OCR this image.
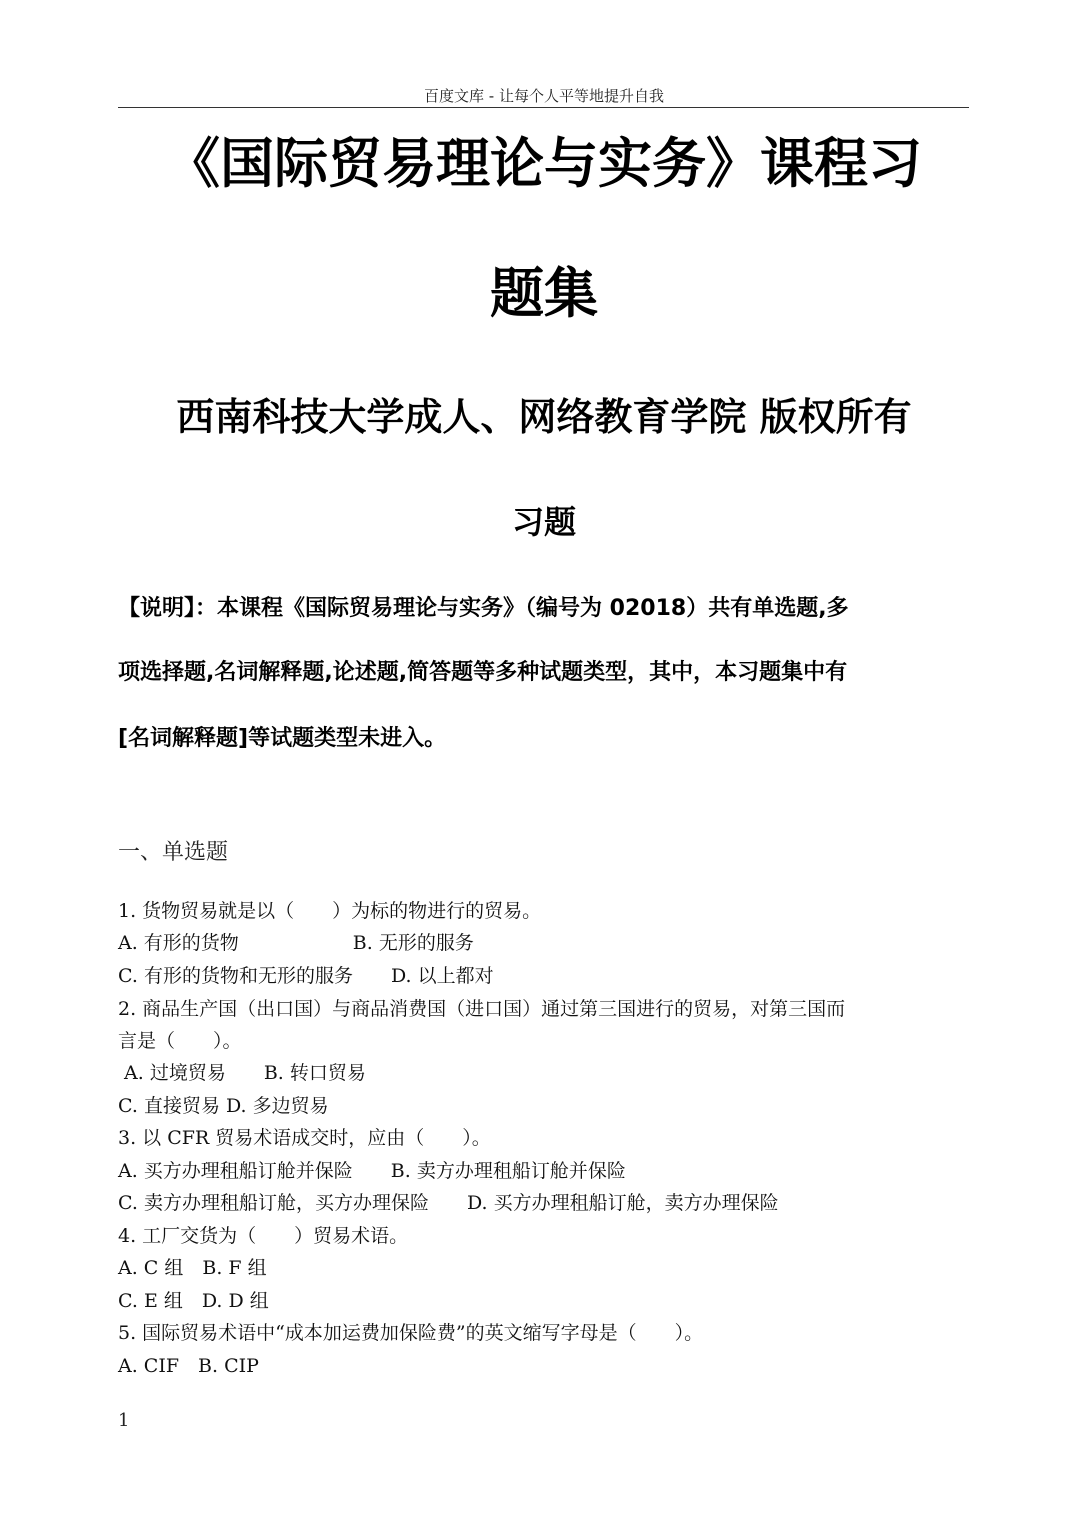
百度文库 - 让每个人平等地提升自我
《国际贸易理论与实务》课程习
题集
西南科技大学成人、网络教育学院 版权所有
习题
【说明】：本课程《国际贸易理论与实务》（编号为 02018）共有单选题,多
项选择题,名词解释题,论述题,简答题等多种试题类型，其中，本习题集中有
[名词解释题]等试题类型未进入。
一、单选题
1. 货物贸易就是以（　　）为标的物进行的贸易。
A. 有形的货物　　　　　　B. 无形的服务
C. 有形的货物和无形的服务　　D. 以上都对
2. 商品生产国（出口国）与商品消费国（进口国）通过第三国进行的贸易，对第三国而
言是（　　）。
A. 过境贸易　　B. 转口贸易
C. 直接贸易 D. 多边贸易
3. 以 CFR 贸易术语成交时，应由（　　）。
A. 买方办理租船订舱并保险　　B. 卖方办理租船订舱并保险
C. 卖方办理租船订舱，买方办理保险　　D. 买方办理租船订舱，卖方办理保险
4. 工厂交货为（　　）贸易术语。
A. C 组　B. F 组
C. E 组　D. D 组
5. 国际贸易术语中“成本加运费加保险费”的英文缩写字母是（　　）。
A. CIF　B. CIP
1
